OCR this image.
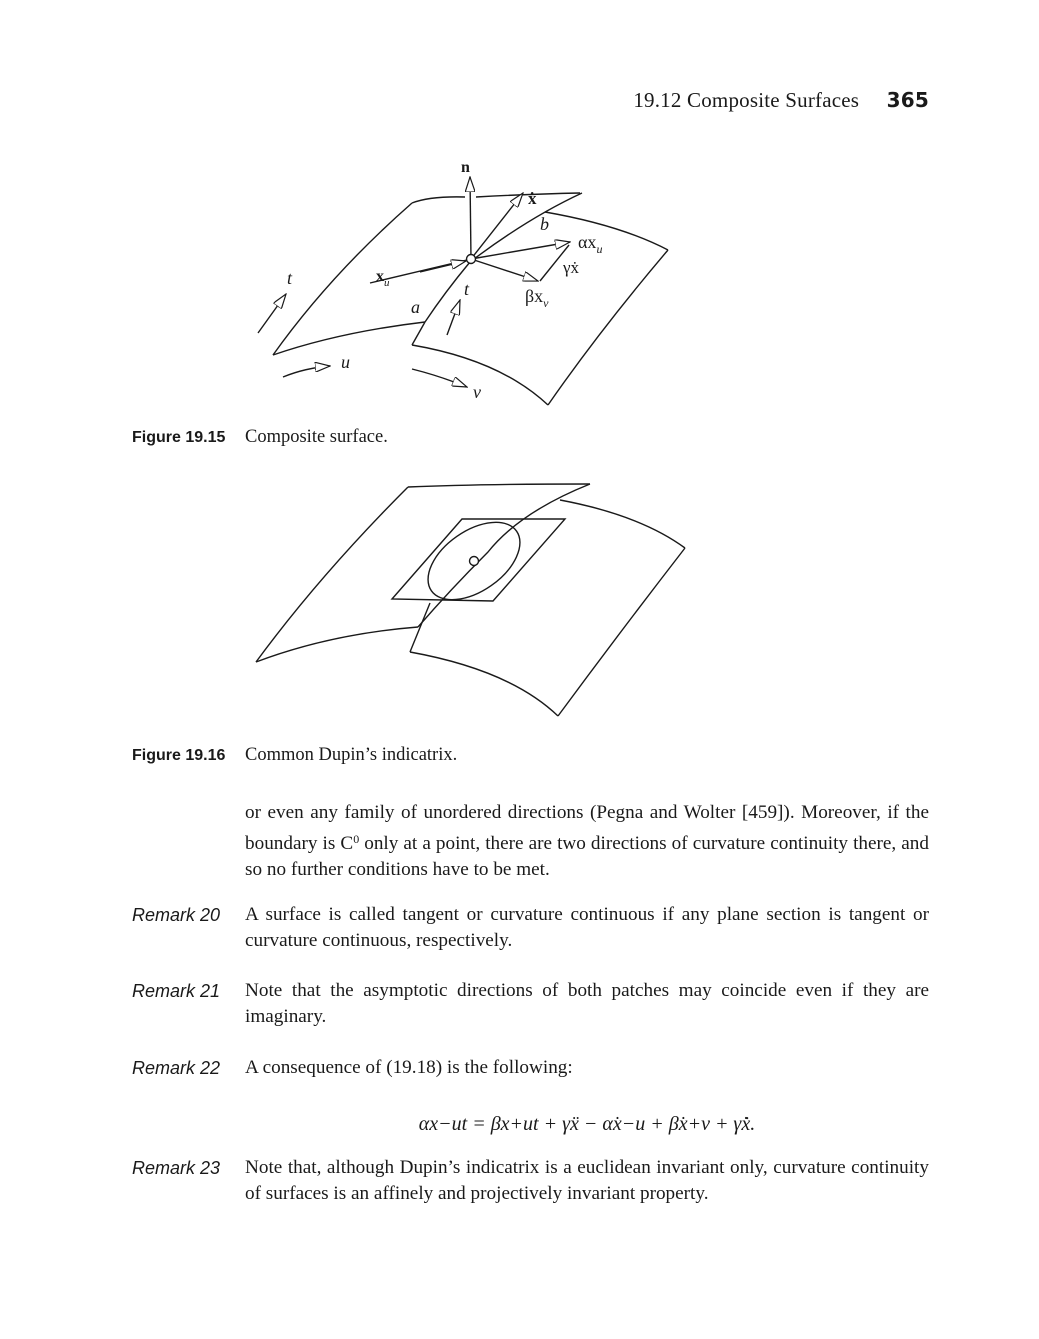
19.12 Composite Surfaces 365
n
ẋ
b
$\alpha x_u$
γẋ
$x_u$
$\beta x_v$
t
t
a
u
v
Figure 19.15 Composite surface.
Figure 19.16 Common Dupin’s indicatrix.
or even any family of unordered directions (Pegna and Wolter [459]). Moreover, if the boundary is $C^0$ only at a point, there are two directions of curvature continuity there, and so no further conditions have to be met.
Remark 20 A surface is called tangent or curvature continuous if any plane section is tangent or curvature continuous, respectively.
Remark 21 Note that the asymptotic directions of both patches may coincide even if they are imaginary.
Remark 22 A consequence of (19.18) is the following:
αx−ut = βx+ut + γẍ − α̇x−u + β̇x+v + γ̇ẋ.
Remark 23 Note that, although Dupin’s indicatrix is a euclidean invariant only, curvature continuity of surfaces is an affinely and projectively invariant property.
